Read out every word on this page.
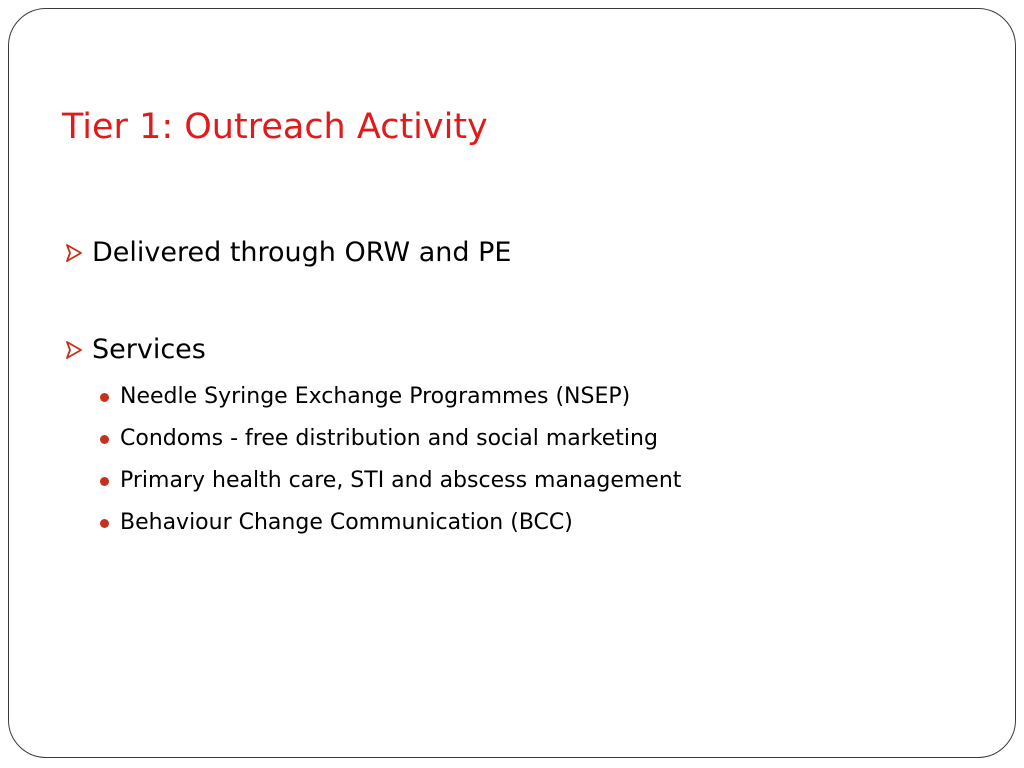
Tier 1: Outreach Activity
Delivered through ORW and PE
Services
Needle Syringe Exchange Programmes (NSEP)
Condoms - free distribution and social marketing
Primary health care, STI and abscess management
Behaviour Change Communication (BCC)
